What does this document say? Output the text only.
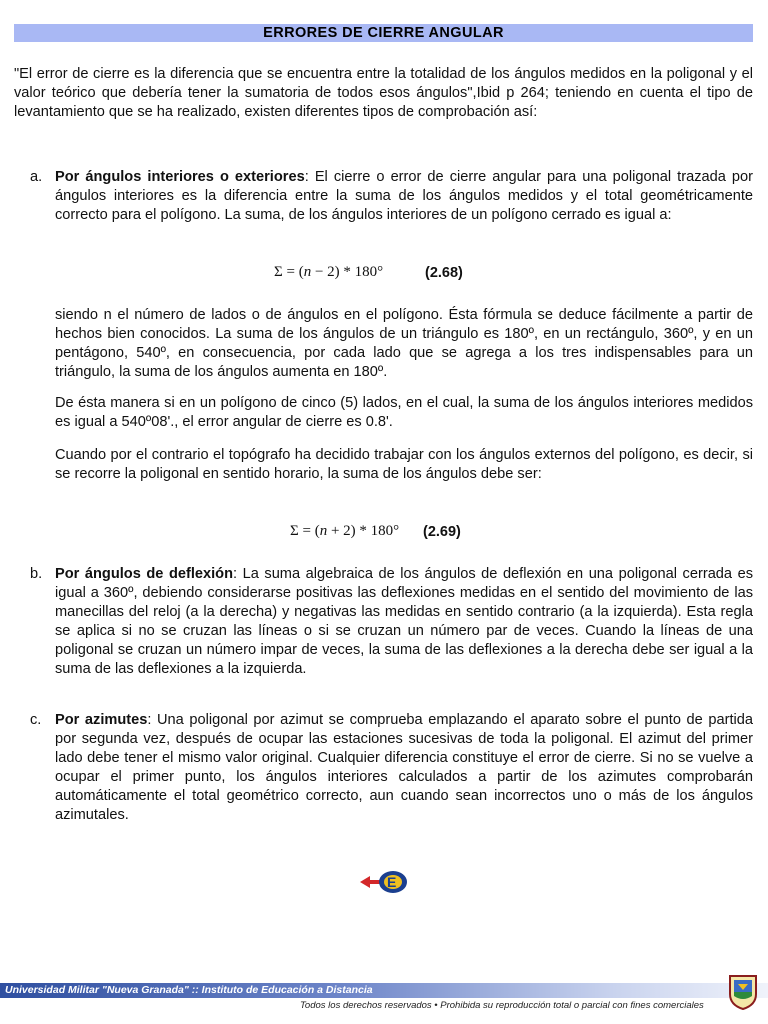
ERRORES DE CIERRE ANGULAR

"El error de cierre es la diferencia que se encuentra entre la totalidad de los ángulos medidos en la poligonal y el valor teórico que debería tener la sumatoria de todos esos ángulos",Ibid p 264; teniendo en cuenta el tipo de levantamiento que se ha realizado, existen diferentes tipos de comprobación así:

a. Por ángulos interiores o exteriores: El cierre o error de cierre angular para una poligonal trazada por ángulos interiores es la diferencia entre la suma de los ángulos medidos y el total geométricamente correcto para el polígono. La suma, de los ángulos interiores de un polígono cerrado es igual a:

Σ = (n − 2) * 180°	(2.68)

siendo n el número de lados o de ángulos en el polígono. Ésta fórmula se deduce fácilmente a partir de hechos bien conocidos. La suma de los ángulos de un triángulo es 180º, en un rectángulo, 360º, y en un pentágono, 540º, en consecuencia, por cada lado que se agrega a los tres indispensables para un triángulo, la suma de los ángulos aumenta en 180º.

De ésta manera si en un polígono de cinco (5) lados, en el cual, la suma de los ángulos interiores medidos es igual a 540º08'., el error angular de cierre es 0.8'.

Cuando por el contrario el topógrafo ha decidido trabajar con los ángulos externos del polígono, es decir, si se recorre la poligonal en sentido horario, la suma de los ángulos debe ser:

Σ = (n + 2) * 180° (2.69)
b. Por ángulos de deflexión: La suma algebraica de los ángulos de deflexión en una poligonal cerrada es igual a 360º, debiendo considerarse positivas las deflexiones medidas en el sentido del movimiento de las manecillas del reloj (a la derecha) y negativas las medidas en sentido contrario (a la izquierda). Esta regla se aplica si no se cruzan las líneas o si se cruzan un número par de veces. Cuando la líneas de una poligonal se cruzan un número impar de veces, la suma de las deflexiones a la derecha debe ser igual a la suma de las deflexiones a la izquierda.

c. Por azimutes: Una poligonal por azimut se comprueba emplazando el aparato sobre el punto de partida por segunda vez, después de ocupar las estaciones sucesivas de toda la poligonal. El azimut del primer lado debe tener el mismo valor original. Cualquier diferencia constituye el error de cierre. Si no se vuelve a ocupar el primer punto, los ángulos interiores calculados a partir de los azimutes comprobarán automáticamente el total geométrico correcto, aun cuando sean incorrectos uno o más de los ángulos azimutales.

E
Universidad Militar "Nueva Granada" :: Instituto de Educación a Distancia
Todos los derechos reservados • Prohibida su reproducción total o parcial con fines comerciales
